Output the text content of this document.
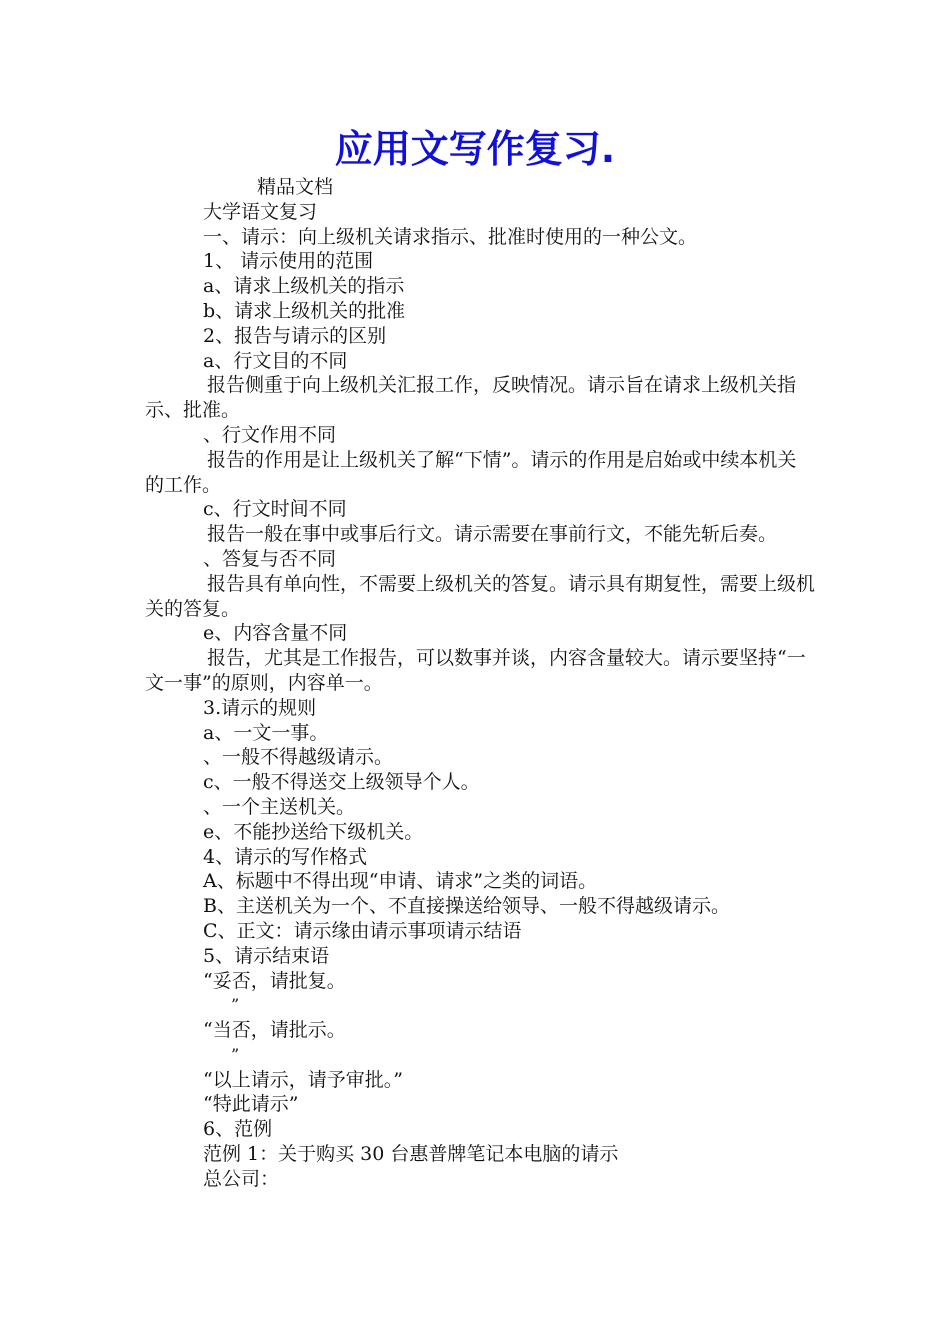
应用文写作复习.
精品文档
大学语文复习
一、请示：向上级机关请求指示、批准时使用的一种公文。
1、 请示使用的范围
a、请求上级机关的指示
b、请求上级机关的批准
2、报告与请示的区别
a、行文目的不同
报告侧重于向上级机关汇报工作，反映情况。请示旨在请求上级机关指示、批准。
、行文作用不同
报告的作用是让上级机关了解“下情”。请示的作用是启始或中续本机关的工作。
c、行文时间不同
报告一般在事中或事后行文。请示需要在事前行文，不能先斩后奏。
、答复与否不同
报告具有单向性，不需要上级机关的答复。请示具有期复性，需要上级机关的答复。
e、内容含量不同
报告，尤其是工作报告，可以数事并谈，内容含量较大。请示要坚持“一文一事”的原则，内容单一。
3.请示的规则
a、一文一事。
、一般不得越级请示。
c、一般不得送交上级领导个人。
、一个主送机关。
e、不能抄送给下级机关。
4、请示的写作格式
A、标题中不得出现“申请、请求”之类的词语。
B、主送机关为一个、不直接操送给领导、一般不得越级请示。
C、正文：请示缘由请示事项请示结语
5、请示结束语
“妥否，请批复。
”
“当否，请批示。
”
“以上请示，请予审批。”
“特此请示”
6、范例
范例 1：关于购买 30 台惠普牌笔记本电脑的请示
总公司：
